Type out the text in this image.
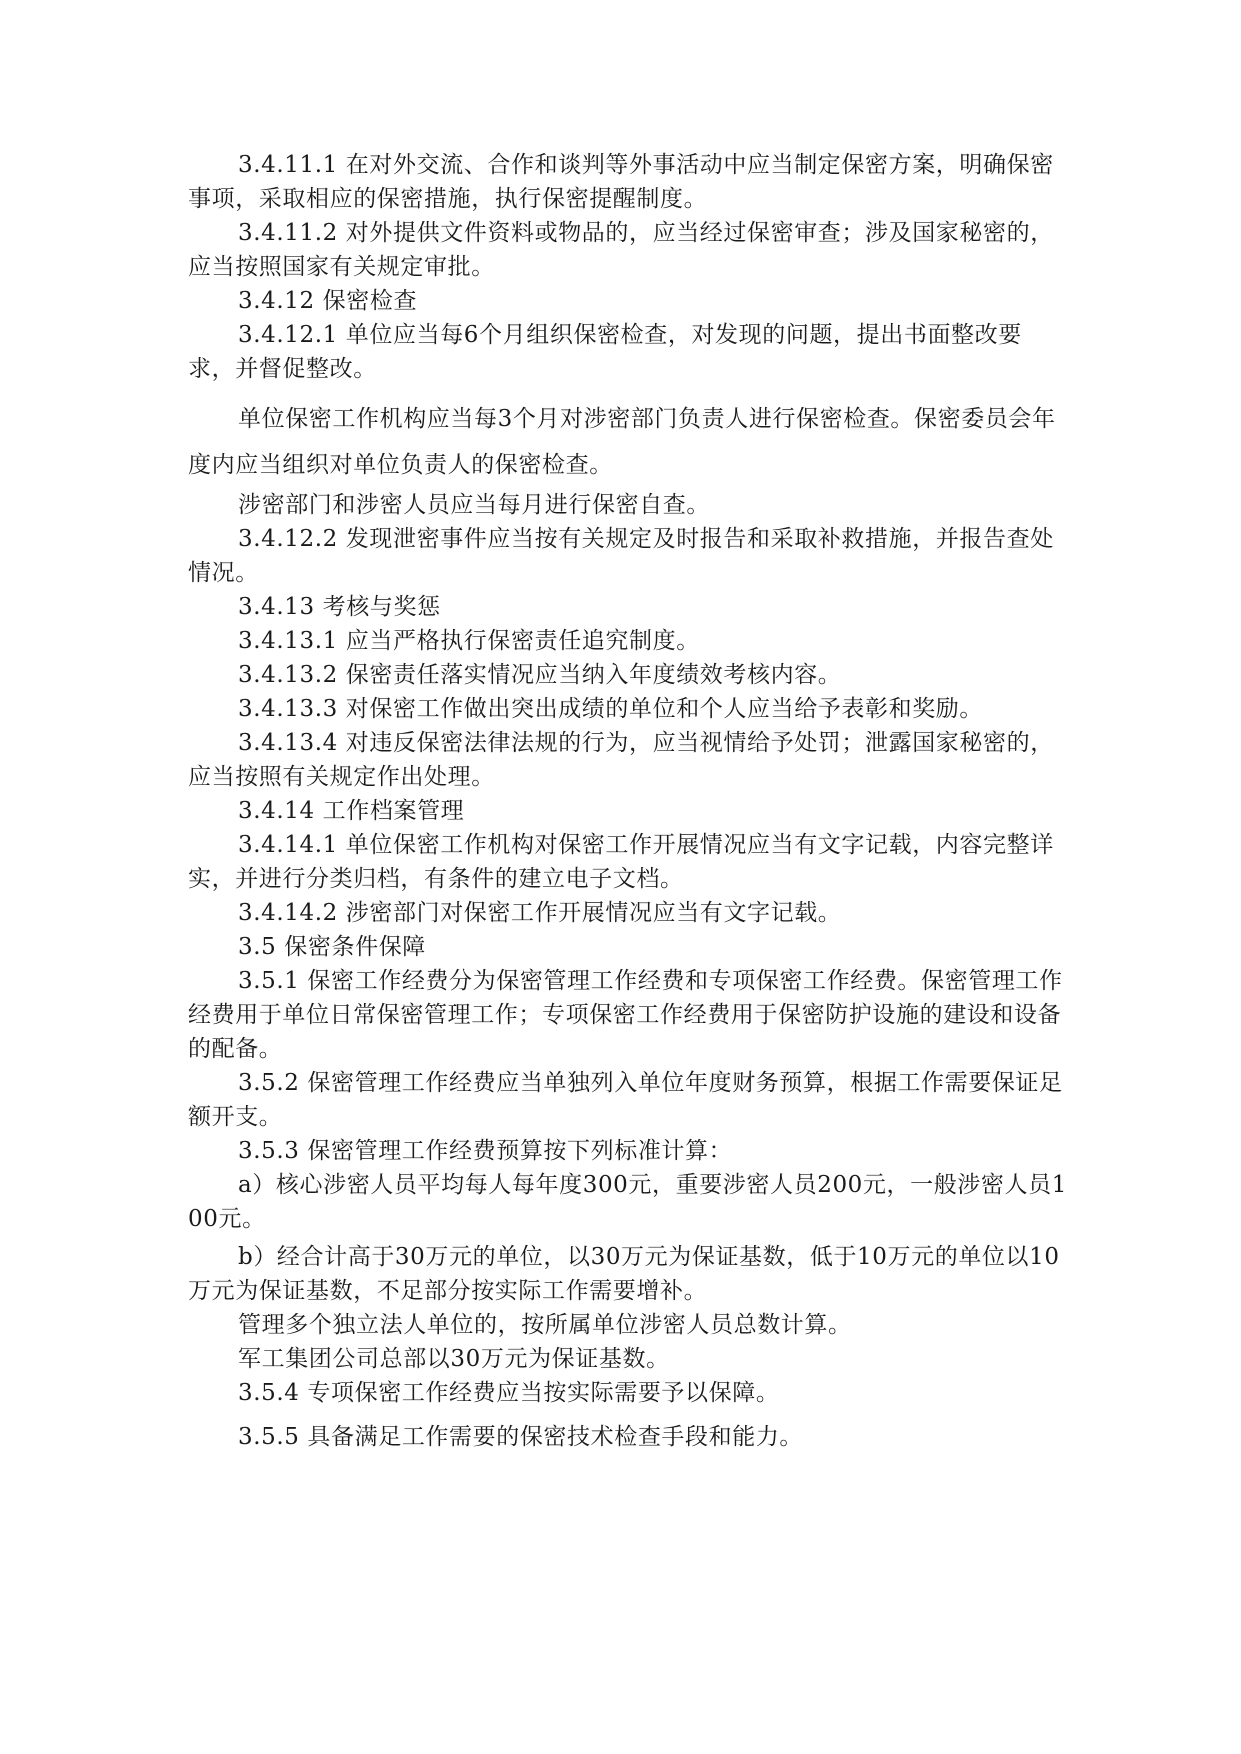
3.4.11.1 在对外交流、合作和谈判等外事活动中应当制定保密方案，明确保密事项，采取相应的保密措施，执行保密提醒制度。

3.4.11.2 对外提供文件资料或物品的，应当经过保密审查；涉及国家秘密的，应当按照国家有关规定审批。

3.4.12 保密检查

3.4.12.1 单位应当每6个月组织保密检查，对发现的问题，提出书面整改要求，并督促整改。

单位保密工作机构应当每3个月对涉密部门负责人进行保密检查。保密委员会年度内应当组织对单位负责人的保密检查。

涉密部门和涉密人员应当每月进行保密自查。

3.4.12.2 发现泄密事件应当按有关规定及时报告和采取补救措施，并报告查处情况。

3.4.13 考核与奖惩

3.4.13.1 应当严格执行保密责任追究制度。

3.4.13.2 保密责任落实情况应当纳入年度绩效考核内容。

3.4.13.3 对保密工作做出突出成绩的单位和个人应当给予表彰和奖励。

3.4.13.4 对违反保密法律法规的行为，应当视情给予处罚；泄露国家秘密的，应当按照有关规定作出处理。

3.4.14 工作档案管理

3.4.14.1 单位保密工作机构对保密工作开展情况应当有文字记载，内容完整详实，并进行分类归档，有条件的建立电子文档。

3.4.14.2 涉密部门对保密工作开展情况应当有文字记载。

3.5 保密条件保障

3.5.1 保密工作经费分为保密管理工作经费和专项保密工作经费。保密管理工作经费用于单位日常保密管理工作；专项保密工作经费用于保密防护设施的建设和设备的配备。

3.5.2 保密管理工作经费应当单独列入单位年度财务预算，根据工作需要保证足额开支。

3.5.3 保密管理工作经费预算按下列标准计算：

a）核心涉密人员平均每人每年度300元，重要涉密人员200元，一般涉密人员100元。

b）经合计高于30万元的单位，以30万元为保证基数，低于10万元的单位以10万元为保证基数，不足部分按实际工作需要增补。

管理多个独立法人单位的，按所属单位涉密人员总数计算。

军工集团公司总部以30万元为保证基数。

3.5.4 专项保密工作经费应当按实际需要予以保障。

3.5.5 具备满足工作需要的保密技术检查手段和能力。
